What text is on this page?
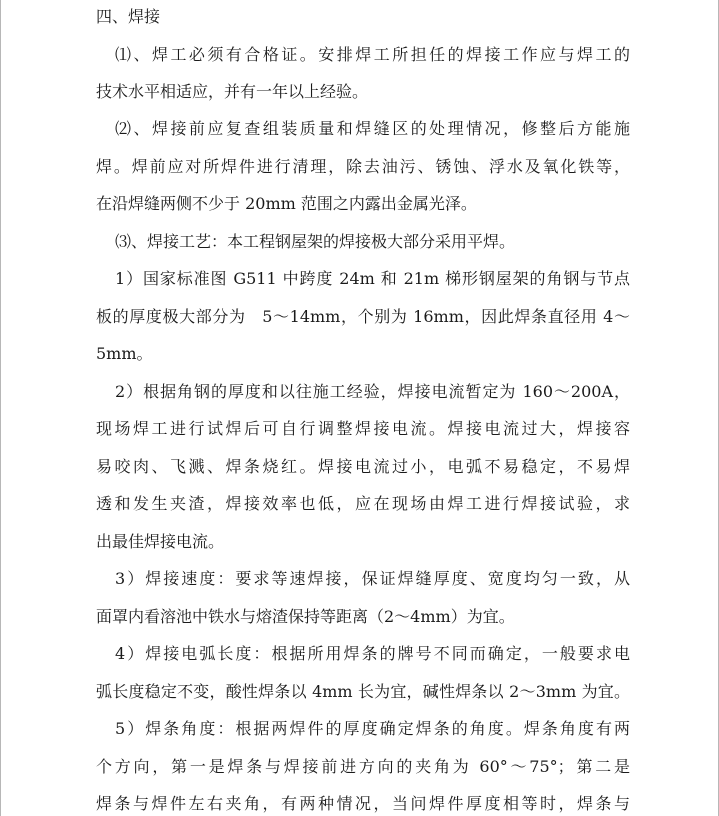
四、焊接
⑴、焊工必须有合格证。安排焊工所担任的焊接工作应与焊工的
技术水平相适应，并有一年以上经验。
⑵、焊接前应复查组装质量和焊缝区的处理情况，修整后方能施
焊。焊前应对所焊件进行清理，除去油污、锈蚀、浮水及氧化铁等，
在沿焊缝两侧不少于 20mm 范围之内露出金属光泽。
⑶、焊接工艺：本工程钢屋架的焊接极大部分采用平焊。
1）国家标准图 G511 中跨度 24m 和 21m 梯形钢屋架的角钢与节点
板的厚度极大部分为　5～14mm，个别为 16mm，因此焊条直径用 4～
5mm。
2）根据角钢的厚度和以往施工经验，焊接电流暂定为 160～200A，
现场焊工进行试焊后可自行调整焊接电流。焊接电流过大，焊接容
易咬肉、飞溅、焊条烧红。焊接电流过小，电弧不易稳定，不易焊
透和发生夹渣，焊接效率也低，应在现场由焊工进行焊接试验，求
出最佳焊接电流。
3）焊接速度：要求等速焊接，保证焊缝厚度、宽度均匀一致，从
面罩内看溶池中铁水与熔渣保持等距离（2～4mm）为宜。
4）焊接电弧长度：根据所用焊条的牌号不同而确定，一般要求电
弧长度稳定不变，酸性焊条以 4mm 长为宜，碱性焊条以 2～3mm 为宜。
5）焊条角度：根据两焊件的厚度确定焊条的角度。焊条角度有两
个方向，第一是焊条与焊接前进方向的夹角为 60°～75°；第二是
焊条与焊件左右夹角，有两种情况，当问焊件厚度相等时，焊条与
